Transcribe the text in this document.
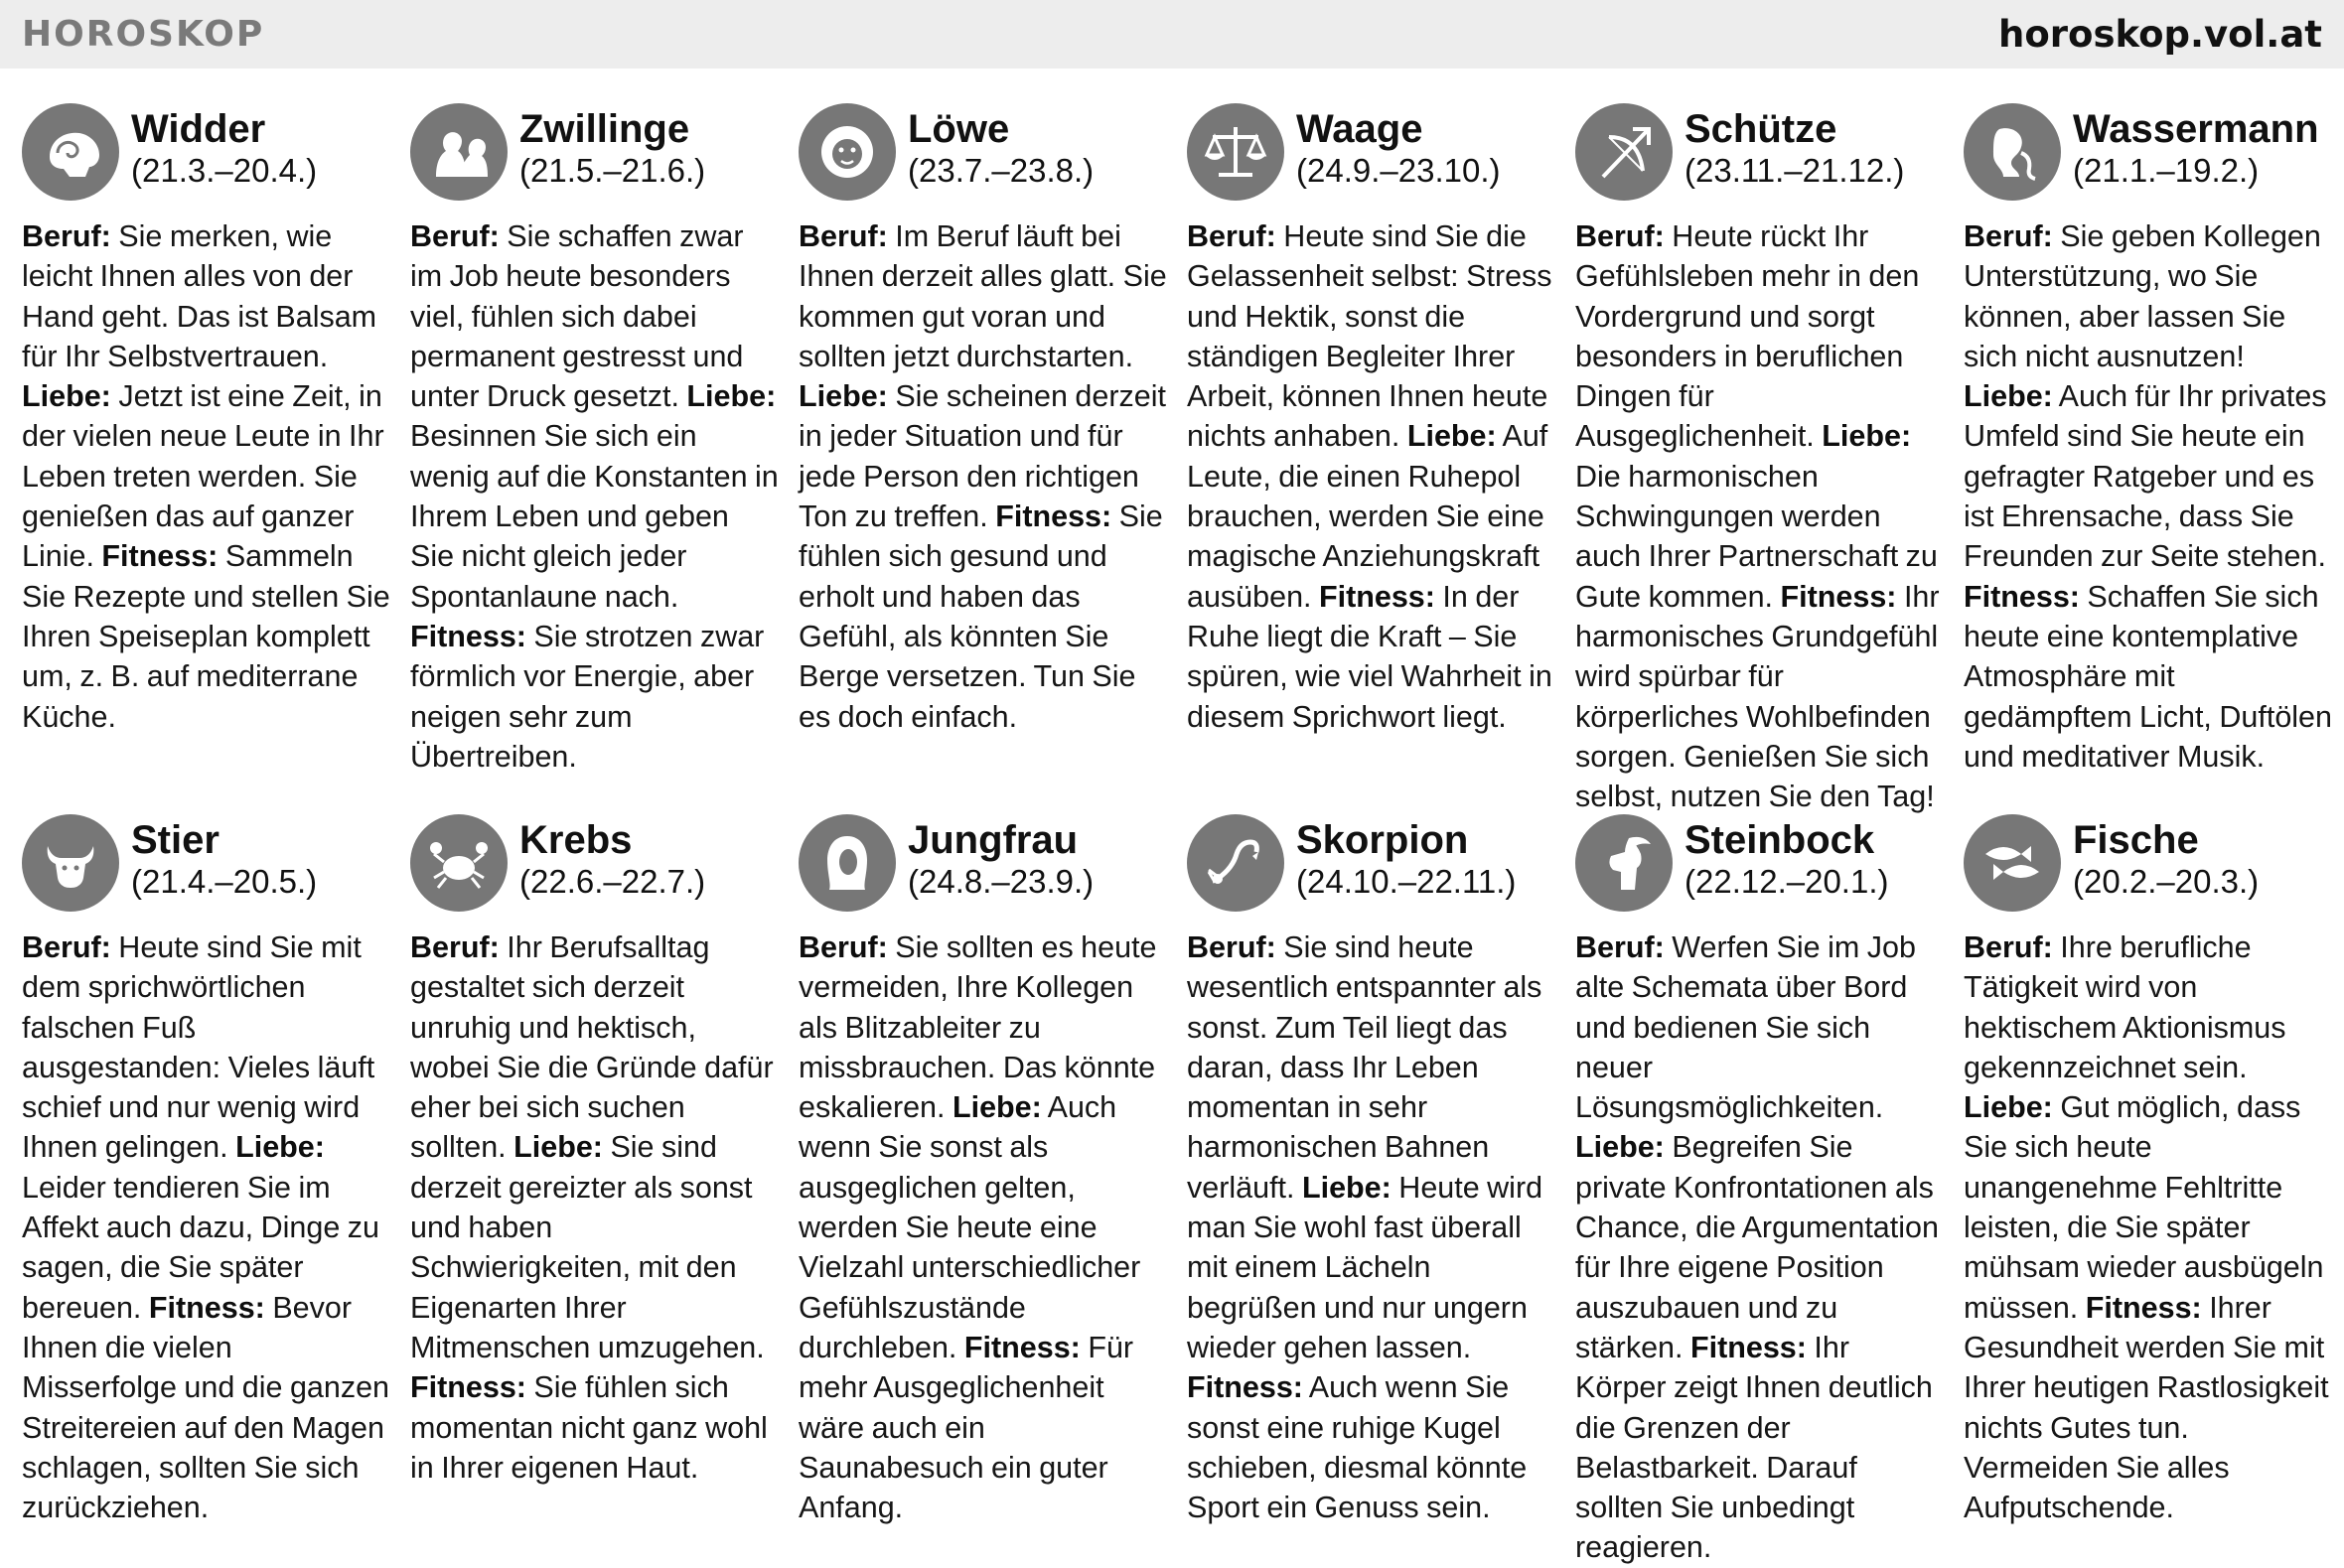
HOROSKOP	horoskop.vol.at
Widder
(21.3.–20.4.)

Beruf: Sie merken, wie leicht Ihnen alles von der Hand geht. Das ist Balsam für Ihr Selbstvertrauen. Liebe: Jetzt ist eine Zeit, in der vielen neue Leute in Ihr Leben treten werden. Sie genießen das auf ganzer Linie. Fitness: Sammeln Sie Rezepte und stellen Sie Ihren Speiseplan komplett um, z. B. auf mediterrane Küche.

Zwillinge
(21.5.–21.6.)

Beruf: Sie schaffen zwar im Job heute besonders viel, fühlen sich dabei permanent gestresst und unter Druck gesetzt. Liebe: Besinnen Sie sich ein wenig auf die Konstanten in Ihrem Leben und geben Sie nicht gleich jeder Spontanlaune nach. Fitness: Sie strotzen zwar förmlich vor Energie, aber neigen sehr zum Übertreiben.

Löwe
(23.7.–23.8.)

Beruf: Im Beruf läuft bei Ihnen derzeit alles glatt. Sie kommen gut voran und sollten jetzt durchstarten. Liebe: Sie scheinen derzeit in jeder Situation und für jede Person den richtigen Ton zu treffen. Fitness: Sie fühlen sich gesund und erholt und haben das Gefühl, als könnten Sie Berge versetzen. Tun Sie es doch einfach.

Waage
(24.9.–23.10.)

Beruf: Heute sind Sie die Gelassenheit selbst: Stress und Hektik, sonst die ständigen Begleiter Ihrer Arbeit, können Ihnen heute nichts anhaben. Liebe: Auf Leute, die einen Ruhepol brauchen, werden Sie eine magische Anziehungskraft ausüben. Fitness: In der Ruhe liegt die Kraft – Sie spüren, wie viel Wahrheit in diesem Sprichwort liegt.

Schütze
(23.11.–21.12.)

Beruf: Heute rückt Ihr Gefühlsleben mehr in den Vordergrund und sorgt besonders in beruflichen Dingen für Ausgeglichenheit. Liebe: Die harmonischen Schwingungen werden auch Ihrer Partnerschaft zu Gute kommen. Fitness: Ihr harmonisches Grundgefühl wird spürbar für körperliches Wohlbefinden sorgen. Genießen Sie sich selbst, nutzen Sie den Tag!

Wassermann
(21.1.–19.2.)

Beruf: Sie geben Kollegen Unterstützung, wo Sie können, aber lassen Sie sich nicht ausnutzen! Liebe: Auch für Ihr privates Umfeld sind Sie heute ein gefragter Ratgeber und es ist Ehrensache, dass Sie Freunden zur Seite stehen. Fitness: Schaffen Sie sich heute eine kontemplative Atmosphäre mit gedämpftem Licht, Duftölen und meditativer Musik.

Stier
(21.4.–20.5.)

Beruf: Heute sind Sie mit dem sprichwörtlichen falschen Fuß ausgestanden: Vieles läuft schief und nur wenig wird Ihnen gelingen. Liebe: Leider tendieren Sie im Affekt auch dazu, Dinge zu sagen, die Sie später bereuen. Fitness: Bevor Ihnen die vielen Misserfolge und die ganzen Streitereien auf den Magen schlagen, sollten Sie sich zurückziehen.

Krebs
(22.6.–22.7.)

Beruf: Ihr Berufsalltag gestaltet sich derzeit unruhig und hektisch, wobei Sie die Gründe dafür eher bei sich suchen sollten. Liebe: Sie sind derzeit gereizter als sonst und haben Schwierigkeiten, mit den Eigenarten Ihrer Mitmenschen umzugehen. Fitness: Sie fühlen sich momentan nicht ganz wohl in Ihrer eigenen Haut.

Jungfrau
(24.8.–23.9.)

Beruf: Sie sollten es heute vermeiden, Ihre Kollegen als Blitzableiter zu missbrauchen. Das könnte eskalieren. Liebe: Auch wenn Sie sonst als ausgeglichen gelten, werden Sie heute eine Vielzahl unterschiedlicher Gefühlszustände durchleben. Fitness: Für mehr Ausgeglichenheit wäre auch ein Saunabesuch ein guter Anfang.

Skorpion
(24.10.–22.11.)

Beruf: Sie sind heute wesentlich entspannter als sonst. Zum Teil liegt das daran, dass Ihr Leben momentan in sehr harmonischen Bahnen verläuft. Liebe: Heute wird man Sie wohl fast überall mit einem Lächeln begrüßen und nur ungern wieder gehen lassen. Fitness: Auch wenn Sie sonst eine ruhige Kugel schieben, diesmal könnte Sport ein Genuss sein.

Steinbock
(22.12.–20.1.)

Beruf: Werfen Sie im Job alte Schemata über Bord und bedienen Sie sich neuer Lösungsmöglichkeiten. Liebe: Begreifen Sie private Konfrontationen als Chance, die Argumentation für Ihre eigene Position auszubauen und zu stärken. Fitness: Ihr Körper zeigt Ihnen deutlich die Grenzen der Belastbarkeit. Darauf sollten Sie unbedingt reagieren.

Fische
(20.2.–20.3.)

Beruf: Ihre berufliche Tätigkeit wird von hektischem Aktionismus gekennzeichnet sein. Liebe: Gut möglich, dass Sie sich heute unangenehme Fehltritte leisten, die Sie später mühsam wieder ausbügeln müssen. Fitness: Ihrer Gesundheit werden Sie mit Ihrer heutigen Rastlosigkeit nichts Gutes tun. Vermeiden Sie alles Aufputschende.
